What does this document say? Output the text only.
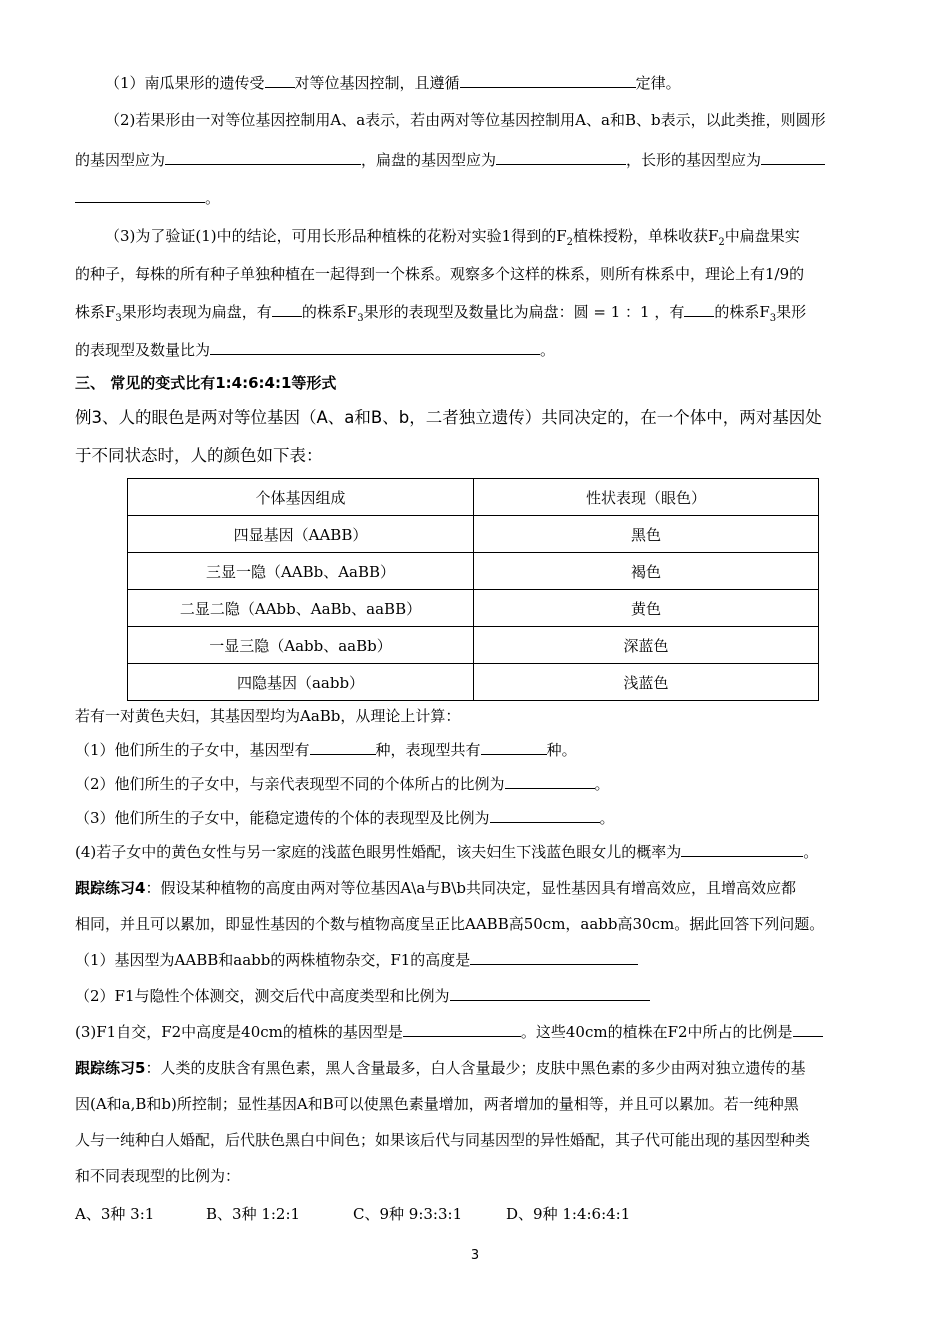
（1）南瓜果形的遗传受 对等位基因控制，且遵循	定律。
（2)若果形由一对等位基因控制用A、a表示，若由两对等位基因控制用A、a和B、b表示，以此类推，则圆形
的基因型应为	，扁盘的基因型应为	，长形的基因型应为
。
（3)为了验证(1)中的结论，可用长形品种植株的花粉对实验1得到的$F_2$植株授粉，单株收获$F_2$中扁盘果实
的种子，每株的所有种子单独种植在一起得到一个株系。观察多个这样的株系，则所有株系中，理论上有1/9的
株系$F_3$果形均表现为扁盘，有 的株系$F_3$果形的表现型及数量比为扁盘：圆 = 1 ：1 ，有 的株系$F_3$果形
的表现型及数量比为	。
三、 常见的变式比有1:4:6:4:1等形式
例3、人的眼色是两对等位基因（A、a和B、b，二者独立遗传）共同决定的，在一个体中，两对基因处
于不同状态时，人的颜色如下表：
个体基因组成	性状表现（眼色）
四显基因（AABB）	黑色
三显一隐（AABb、AaBB）	褐色
二显二隐（AAbb、AaBb、aaBB）	黄色
一显三隐（Aabb、aaBb）	深蓝色
四隐基因（aabb）	浅蓝色
若有一对黄色夫妇，其基因型均为AaBb，从理论上计算：
（1）他们所生的子女中，基因型有	种，表现型共有	种。
（2）他们所生的子女中，与亲代表现型不同的个体所占的比例为	。
（3）他们所生的子女中，能稳定遗传的个体的表现型及比例为	。
(4)若子女中的黄色女性与另一家庭的浅蓝色眼男性婚配，该夫妇生下浅蓝色眼女儿的概率为	。
跟踪练习4：假设某种植物的高度由两对等位基因A\a与B\b共同决定，显性基因具有增高效应，且增高效应都
相同，并且可以累加，即显性基因的个数与植物高度呈正比AABB高50cm，aabb高30cm。据此回答下列问题。
（1）基因型为AABB和aabb的两株植物杂交，F1的高度是
（2）F1与隐性个体测交，测交后代中高度类型和比例为
(3)F1自交，F2中高度是40cm的植株的基因型是	。这些40cm的植株在F2中所占的比例是
跟踪练习5：人类的皮肤含有黑色素，黑人含量最多，白人含量最少；皮肤中黑色素的多少由两对独立遗传的基
因(A和a,B和b)所控制；显性基因A和B可以使黑色素量增加，两者增加的量相等，并且可以累加。若一纯种黑
人与一纯种白人婚配，后代肤色黑白中间色；如果该后代与同基因型的异性婚配，其子代可能出现的基因型种类
和不同表现型的比例为：
A、3种 3:1	B、3种 1:2:1	C、9种 9:3:3:1	D、9种 1:4:6:4:1
3
